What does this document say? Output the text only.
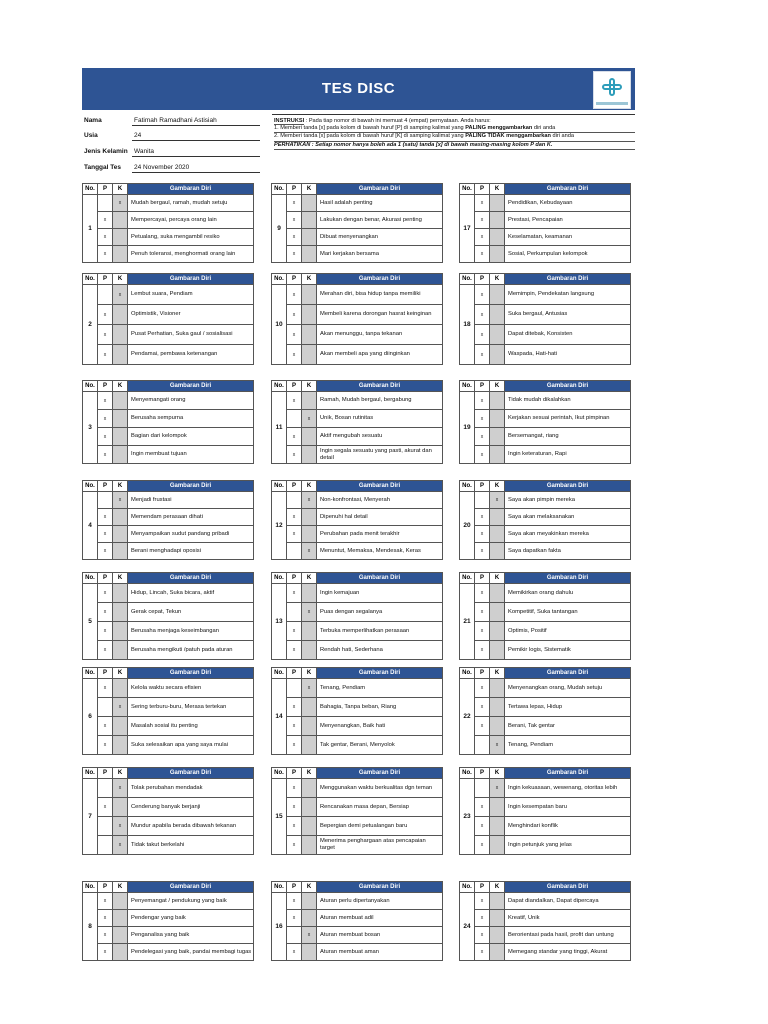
TES DISC
Nama	Fatimah Ramadhani Astisiah
Usia	24
Jenis Kelamin Wanita
Tanggal Tes	24 November 2020
INSTRUKSI : Pada tiap nomor di bawah ini memuat 4 (empat) pernyataan. Anda harus:
1. Memberi tanda [x] pada kolom di bawah huruf [P] di samping kalimat yang PALING menggambarkan diri anda
2. Memberi tanda [x] pada kolom di bawah huruf [K] di samping kalimat yang PALING TIDAK menggambarkan diri anda
PERHATIKAN : Setiap nomor hanya boleh ada 1 (satu) tanda [x] di bawah masing-masing kolom P dan K.
No.	P	K	Gambaran Diri
1		x	Mudah bergaul, ramah, mudah setuju
	x		Mempercayai, percaya orang lain
	x		Petualang, suka mengambil resiko
	x		Penuh toleransi, menghormati orang lain
No.	P	K	Gambaran Diri
2		x	Lembut suara, Pendiam
	x		Optimistik, Visioner
	x		Pusat Perhatian, Suka gaul / sosialisasi
	x		Pendamai, pembawa ketenangan
No.	P	K	Gambaran Diri
3	x		Menyemangati orang
	x		Berusaha sempurna
	x		Bagian dari kelompok
	x		Ingin membuat tujuan
No.	P	K	Gambaran Diri
4		x	Menjadi frustasi
	x		Memendam perasaan dihati
	x		Menyampaikan sudut pandang pribadi
	x		Berani menghadapi oposisi
No.	P	K	Gambaran Diri
5	x		Hidup, Lincah, Suka bicara, aktif
	x		Gerak cepat, Tekun
	x		Berusaha menjaga keseimbangan
	x		Berusaha mengikuti /patuh pada aturan
No.	P	K	Gambaran Diri
6	x		Kelola waktu secara efisien
		x	Sering terburu-buru, Merasa tertekan
	x		Masalah sosial itu penting
	x		Suka selesaikan apa yang saya mulai
No.	P	K	Gambaran Diri
7		x	Tolak perubahan mendadak
	x		Cenderung banyak berjanji
		x	Mundur apabila berada dibawah tekanan
		x	Tidak takut berkelahi
No.	P	K	Gambaran Diri
8	x		Penyemangat / pendukung yang baik
	x		Pendengar yang baik
	x		Penganalisa yang baik
	x		Pendelegasi yang baik, pandai membagi tugas
No.	P	K	Gambaran Diri
9	x		Hasil adalah penting
	x		Lakukan dengan benar, Akurasi penting
	x		Dibuat menyenangkan
	x		Mari kerjakan bersama
No.	P	K	Gambaran Diri
10	x		Merahan diri, bisa hidup tanpa memiliki
	x		Membeli karena dorongan hasrat keinginan
	x		Akan menunggu, tanpa tekanan
	x		Akan membeli apa yang diinginkan
No.	P	K	Gambaran Diri
11	x		Ramah, Mudah bergaul, bergabung
		x	Unik, Bosan rutinitas
	x		Aktif mengubah sesuatu
	x		Ingin segala sesuatu yang pasti, akurat dan detail
No.	P	K	Gambaran Diri
12		x	Non-konfrontasi, Menyerah
	x		Dipenuhi hal detail
	x		Perubahan pada menit terakhir
		x	Menuntut, Memaksa, Mendesak, Keras
No.	P	K	Gambaran Diri
13	x		Ingin kemajuan
		x	Puas dengan segalanya
	x		Terbuka memperlihatkan perasaan
	x		Rendah hati, Sederhana
No.	P	K	Gambaran Diri
14		x	Tenang, Pendiam
	x		Bahagia, Tanpa beban, Riang
	x		Menyenangkan, Baik hati
	x		Tak gentar, Berani, Menyolok
No.	P	K	Gambaran Diri
15	x		Menggunakan waktu berkualitas dgn teman
	x		Rencanakan masa depan, Bersiap
	x		Bepergian demi petualangan baru
	x		Menerima penghargaan atas pencapaian target
No.	P	K	Gambaran Diri
16	x		Aturan perlu dipertanyakan
	x		Aturan membuat adil
		x	Aturan membuat bosan
	x		Aturan membuat aman
No.	P	K	Gambaran Diri
17	x		Pendidikan, Kebudayaan
	x		Prestasi, Pencapaian
	x		Keselamatan, keamanan
	x		Sosial, Perkumpulan kelompok
No.	P	K	Gambaran Diri
18	x		Memimpin, Pendekatan langsung
	x		Suka bergaul, Antusias
	x		Dapat ditebak, Konsisten
	x		Waspada, Hati-hati
No.	P	K	Gambaran Diri
19	x		Tidak mudah dikalahkan
	x		Kerjakan sesuai perintah, Ikut pimpinan
	x		Bersemangat, riang
	x		Ingin keteraturan, Rapi
No.	P	K	Gambaran Diri
20		x	Saya akan pimpin mereka
	x		Saya akan melaksanakan
	x		Saya akan meyakinkan mereka
	x		Saya dapatkan fakta
No.	P	K	Gambaran Diri
21	x		Memikirkan orang dahulu
	x		Kompetitif, Suka tantangan
	x		Optimis, Positif
	x		Pemikir logis, Sistematik
No.	P	K	Gambaran Diri
22	x		Menyenangkan orang, Mudah setuju
	x		Tertawa lepas, Hidup
	x		Berani, Tak gentar
		x	Tenang, Pendiam
No.	P	K	Gambaran Diri
23		x	Ingin kekuasaan, wewenang, otoritas lebih
	x		Ingin kesempatan baru
	x		Menghindari konflik
	x		Ingin petunjuk yang jelas
No.	P	K	Gambaran Diri
24	x		Dapat diandalkan, Dapat dipercaya
	x		Kreatif, Unik
	x		Berorientasi pada hasil, profit dan untung
	x		Memegang standar yang tinggi, Akurat
